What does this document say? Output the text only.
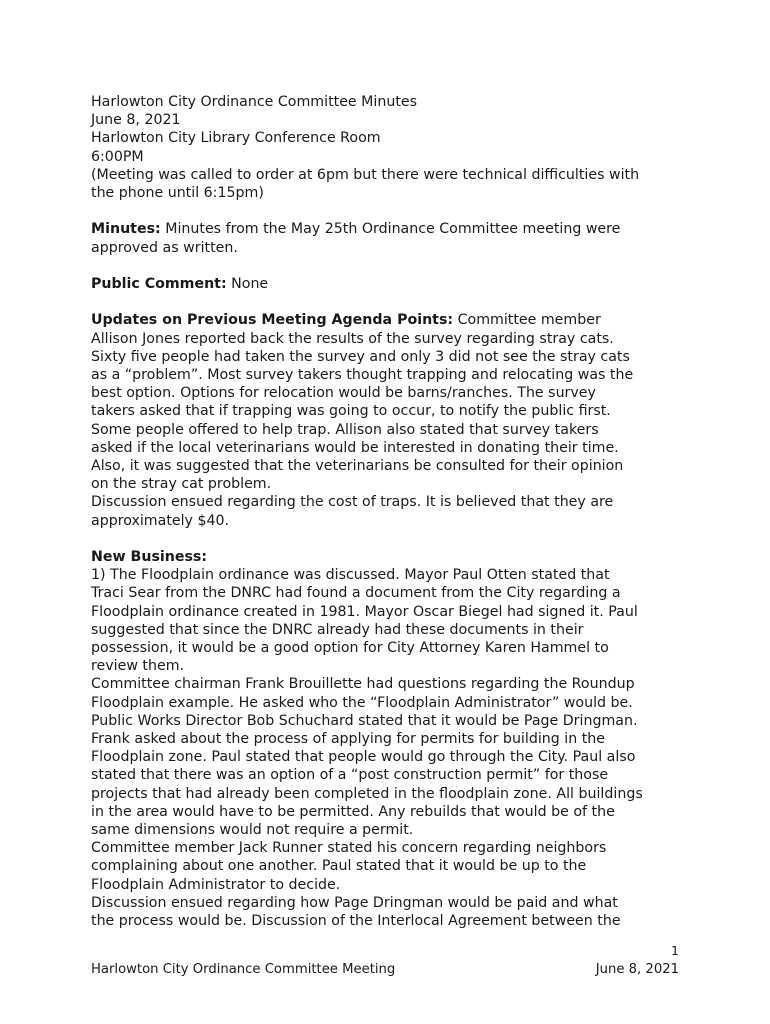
Harlowton City Ordinance Committee Minutes
June 8, 2021
Harlowton City Library Conference Room
6:00PM
(Meeting was called to order at 6pm but there were technical difficulties with
the phone until 6:15pm)
Minutes: Minutes from the May 25th Ordinance Committee meeting were
approved as written.
Public Comment: None
Updates on Previous Meeting Agenda Points: Committee member
Allison Jones reported back the results of the survey regarding stray cats.
Sixty five people had taken the survey and only 3 did not see the stray cats
as a “problem”. Most survey takers thought trapping and relocating was the
best option. Options for relocation would be barns/ranches. The survey
takers asked that if trapping was going to occur, to notify the public first.
Some people offered to help trap. Allison also stated that survey takers
asked if the local veterinarians would be interested in donating their time.
Also, it was suggested that the veterinarians be consulted for their opinion
on the stray cat problem.
Discussion ensued regarding the cost of traps. It is believed that they are
approximately $40.
New Business:
1) The Floodplain ordinance was discussed. Mayor Paul Otten stated that
Traci Sear from the DNRC had found a document from the City regarding a
Floodplain ordinance created in 1981. Mayor Oscar Biegel had signed it. Paul
suggested that since the DNRC already had these documents in their
possession, it would be a good option for City Attorney Karen Hammel to
review them.
Committee chairman Frank Brouillette had questions regarding the Roundup
Floodplain example. He asked who the “Floodplain Administrator” would be.
Public Works Director Bob Schuchard stated that it would be Page Dringman.
Frank asked about the process of applying for permits for building in the
Floodplain zone. Paul stated that people would go through the City. Paul also
stated that there was an option of a “post construction permit” for those
projects that had already been completed in the floodplain zone. All buildings
in the area would have to be permitted. Any rebuilds that would be of the
same dimensions would not require a permit.
Committee member Jack Runner stated his concern regarding neighbors
complaining about one another. Paul stated that it would be up to the
Floodplain Administrator to decide.
Discussion ensued regarding how Page Dringman would be paid and what
the process would be. Discussion of the Interlocal Agreement between the
1
Harlowton City Ordinance Committee Meeting	June 8, 2021
